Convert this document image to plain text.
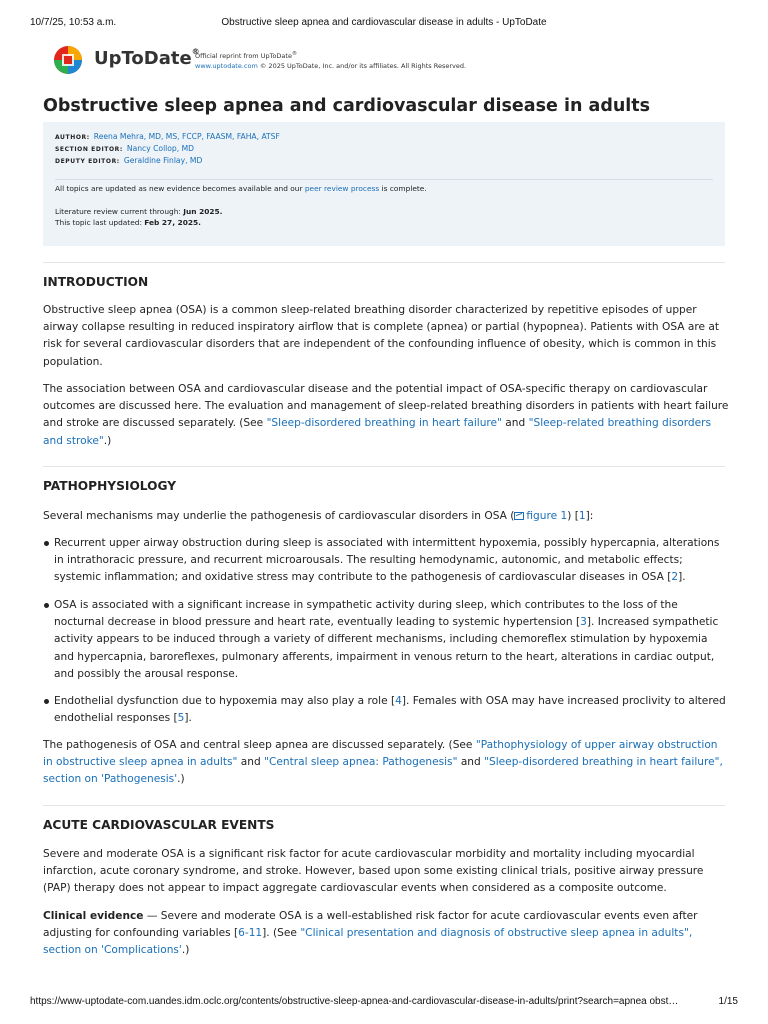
10/7/25, 10:53 a.m.	Obstructive sleep apnea and cardiovascular disease in adults - UpToDate
UpToDate®
Official reprint from UpToDate®
www.uptodate.com © 2025 UpToDate, Inc. and/or its affiliates. All Rights Reserved.
Obstructive sleep apnea and cardiovascular disease in adults
AUTHOR: Reena Mehra, MD, MS, FCCP, FAASM, FAHA, ATSF
SECTION EDITOR: Nancy Collop, MD
DEPUTY EDITOR: Geraldine Finlay, MD
All topics are updated as new evidence becomes available and our peer review process is complete.
Literature review current through: Jun 2025.
This topic last updated: Feb 27, 2025.
INTRODUCTION

Obstructive sleep apnea (OSA) is a common sleep-related breathing disorder characterized by repetitive episodes of upper airway collapse resulting in reduced inspiratory airflow that is complete (apnea) or partial (hypopnea). Patients with OSA are at risk for several cardiovascular disorders that are independent of the confounding influence of obesity, which is common in this population.

The association between OSA and cardiovascular disease and the potential impact of OSA-specific therapy on cardiovascular outcomes are discussed here. The evaluation and management of sleep-related breathing disorders in patients with heart failure and stroke are discussed separately. (See "Sleep-disordered breathing in heart failure" and "Sleep-related breathing disorders and stroke".)

PATHOPHYSIOLOGY

Several mechanisms may underlie the pathogenesis of cardiovascular disorders in OSA ( figure 1) [1]:

Recurrent upper airway obstruction during sleep is associated with intermittent hypoxemia, possibly hypercapnia, alterations in intrathoracic pressure, and recurrent microarousals. The resulting hemodynamic, autonomic, and metabolic effects; systemic inflammation; and oxidative stress may contribute to the pathogenesis of cardiovascular diseases in OSA [2].

OSA is associated with a significant increase in sympathetic activity during sleep, which contributes to the loss of the nocturnal decrease in blood pressure and heart rate, eventually leading to systemic hypertension [3]. Increased sympathetic activity appears to be induced through a variety of different mechanisms, including chemoreflex stimulation by hypoxemia and hypercapnia, baroreflexes, pulmonary afferents, impairment in venous return to the heart, alterations in cardiac output, and possibly the arousal response.

Endothelial dysfunction due to hypoxemia may also play a role [4]. Females with OSA may have increased proclivity to altered endothelial responses [5].

The pathogenesis of OSA and central sleep apnea are discussed separately. (See "Pathophysiology of upper airway obstruction in obstructive sleep apnea in adults" and "Central sleep apnea: Pathogenesis" and "Sleep-disordered breathing in heart failure", section on 'Pathogenesis'.)

ACUTE CARDIOVASCULAR EVENTS

Severe and moderate OSA is a significant risk factor for acute cardiovascular morbidity and mortality including myocardial infarction, acute coronary syndrome, and stroke. However, based upon some existing clinical trials, positive airway pressure (PAP) therapy does not appear to impact aggregate cardiovascular events when considered as a composite outcome.

Clinical evidence — Severe and moderate OSA is a well-established risk factor for acute cardiovascular events even after adjusting for confounding variables [6-11]. (See "Clinical presentation and diagnosis of obstructive sleep apnea in adults", section on 'Complications'.)

https://www-uptodate-com.uandes.idm.oclc.org/contents/obstructive-sleep-apnea-and-cardiovascular-disease-in-adults/print?search=apnea obst…	1/15
